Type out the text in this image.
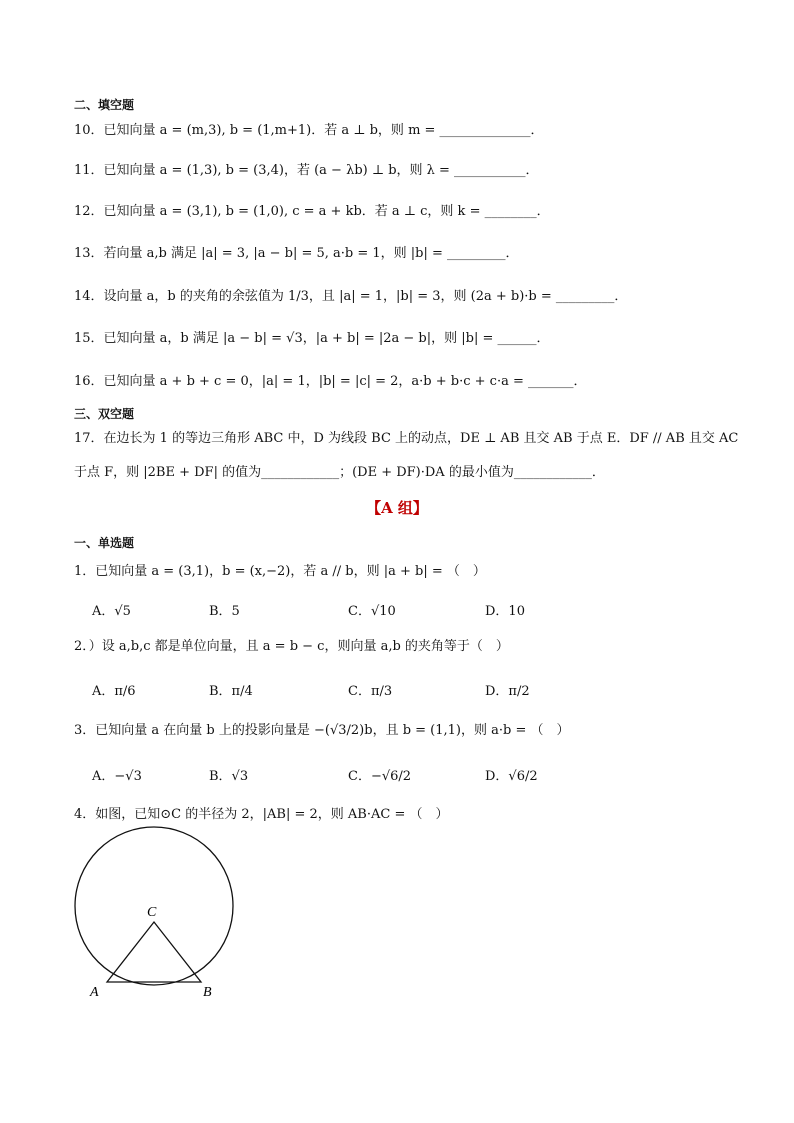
二、填空题
10．已知向量 a = (m,3), b = (1,m+1)．若 a ⊥ b，则 m = ______________．
11．已知向量 a = (1,3), b = (3,4)，若 (a − λb) ⊥ b，则 λ = ___________．
12．已知向量 a = (3,1), b = (1,0), c = a + kb．若 a ⊥ c，则 k = ________．
13．若向量 a,b 满足 |a| = 3, |a − b| = 5, a·b = 1，则 |b| = _________．
14．设向量 a，b 的夹角的余弦值为 1/3，且 |a| = 1，|b| = 3，则 (2a + b)·b = _________．
15．已知向量 a，b 满足 |a − b| = √3，|a + b| = |2a − b|，则 |b| = ______．
16．已知向量 a + b + c = 0，|a| = 1，|b| = |c| = 2，a·b + b·c + c·a = _______．
三、双空题
17．在边长为 1 的等边三角形 ABC 中，D 为线段 BC 上的动点，DE ⊥ AB 且交 AB 于点 E．DF // AB 且交 AC
于点 F，则 |2BE + DF| 的值为____________；(DE + DF)·DA 的最小值为____________．
【A 组】
一、单选题
1．已知向量 a = (3,1)，b = (x,−2)，若 a // b，则 |a + b| = （　）
A．√5	B．5	C．√10	D．10
2．）设 a,b,c 都是单位向量，且 a = b − c，则向量 a,b 的夹角等于（　）
A．π/6	B．π/4	C．π/3	D．π/2
3．已知向量 a 在向量 b 上的投影向量是 −(√3/2)b，且 b = (1,1)，则 a·b = （　）
A．−√3	B．√3	C．−√6/2	D．√6/2
4．如图，已知⊙C 的半径为 2，|AB| = 2，则 AB·AC = （　）
C
A	B
